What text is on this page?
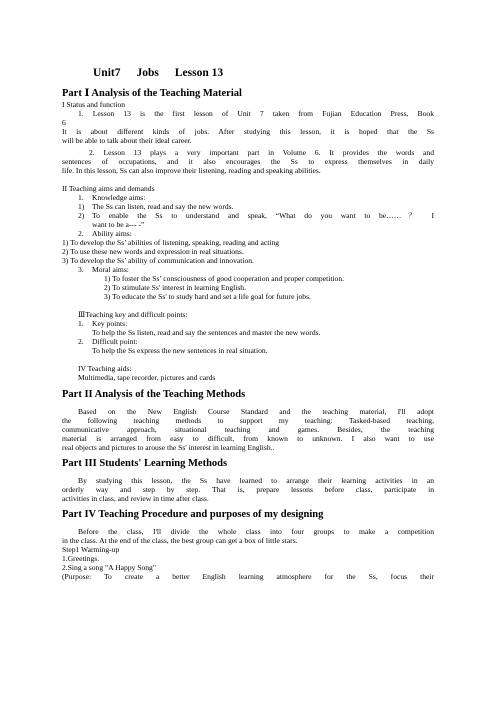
Unit7 Jobs Lesson 13
Part Ⅰ Analysis of the Teaching Material
I Status and function
1. Lesson 13 is the first lesson of Unit 7 taken from Fujian Education Press, Book
6
It is about different kinds of jobs. After studying this lesson, it is hoped that the Ss
will be able to talk about their ideal career.
2. Lesson 13 plays a very important part in Volume 6. It provides the words and
sentences of occupations, and it also encourages the Ss to express themselves in daily
life. In this lesson, Ss can also improve their listening, reading and speaking abilities.
II Teaching aims and demands
1. Knowledge aims:
1) The Ss can listen, read and say the new words.
2) To enable the Ss to understand and speak, “What do you want to be……？ I
want to be a--- -”
2. Ability aims:
1) To develop the Ss’ abilities of listening, speaking, reading and acting
2) To use these new words and expression in real situations.
3) To develop the Ss’ ability of communication and innovation.
3. Moral aims:
1) To foster the Ss’ consciousness of good cooperation and proper competition.
2) To stimulate Ss' interest in learning English.
3) To educate the Ss' to study hard and set a life goal for future jobs.
ⅢTeaching key and difficult points:
1. Key points:
To help the Ss listen, read and say the sentences and master the new words.
2. Difficult point:
To help the Ss express the new sentences in real situation.
IV Teaching aids:
Multimedia, tape recorder, pictures and cards
Part II Analysis of the Teaching Methods
Based on the New English Course Standard and the teaching material, I'll adopt
the following teaching methods to support my teaching: Tasked-based teaching,
communicative approach, situational teaching and games. Besides, the teaching
material is arranged from easy to difficult, from known to unknown. I also want to use
real objects and pictures to arouse the Ss' interest in learning English..
Part III Students' Learning Methods
By studying this lesson, the Ss have learned to arrange their learning activities in an
orderly way and step by step. That is, prepare lessons before class, participate in
activities in class, and review in time after class.
Part IV Teaching Procedure and purposes of my designing
Before the class, I'll divide the whole class into four groups to make a competition
in the class. At the end of the class, the best group can get a box of little stars.
Step1 Warming-up
1.Greetings.
2.Sing a song "A Happy Song"
(Purpose: To create a better English learning atmosphere for the Ss, focus their
